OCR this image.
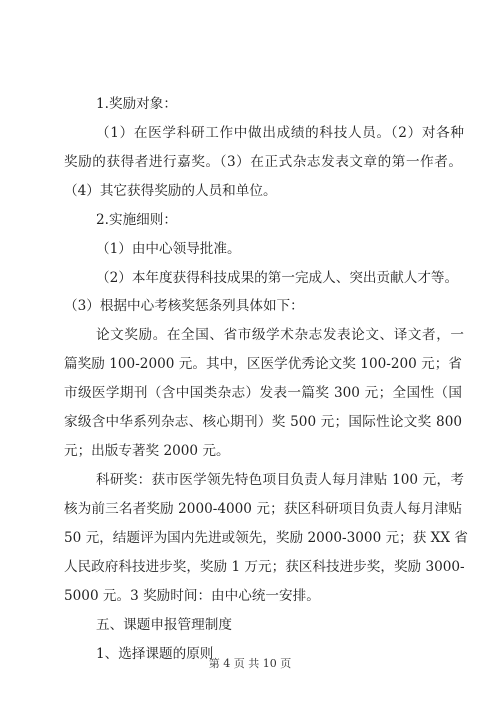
1.奖励对象：
（1）在医学科研工作中做出成绩的科技人员。（2）对各种
奖励的获得者进行嘉奖。（3）在正式杂志发表文章的第一作者。
（4）其它获得奖励的人员和单位。
2.实施细则：
（1）由中心领导批准。
（2）本年度获得科技成果的第一完成人、突出贡献人才等。
（3）根据中心考核奖惩条列具体如下：
论文奖励。在全国、省市级学术杂志发表论文、译文者，一
篇奖励 100-2000 元。其中，区医学优秀论文奖 100-200 元；省
市级医学期刊（含中国类杂志）发表一篇奖 300 元；全国性（国
家级含中华系列杂志、核心期刊）奖 500 元；国际性论文奖 800
元；出版专著奖 2000 元。
科研奖：获市医学领先特色项目负责人每月津贴 100 元，考
核为前三名者奖励 2000-4000 元；获区科研项目负责人每月津贴
50 元，结题评为国内先进或领先，奖励 2000-3000 元；获 XX 省
人民政府科技进步奖，奖励 1 万元；获区科技进步奖，奖励 3000-
5000 元。3 奖励时间：由中心统一安排。
五、课题申报管理制度
1、选择课题的原则
第 4 页 共 10 页
